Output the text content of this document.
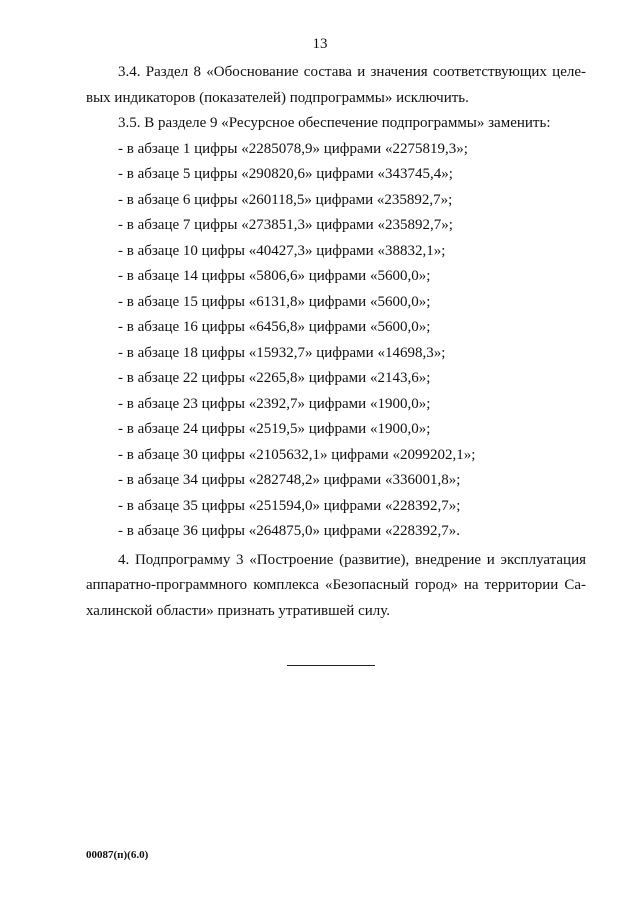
13

3.4. Раздел 8 «Обоснование состава и значения соответствующих целе-

вых индикаторов (показателей) подпрограммы» исключить.

3.5. В разделе 9 «Ресурсное обеспечение подпрограммы» заменить:

- в абзаце 1 цифры «2285078,9» цифрами «2275819,3»;

- в абзаце 5 цифры «290820,6» цифрами «343745,4»;

- в абзаце 6 цифры «260118,5» цифрами «235892,7»;

- в абзаце 7 цифры «273851,3» цифрами «235892,7»;

- в абзаце 10 цифры «40427,3» цифрами «38832,1»;

- в абзаце 14 цифры «5806,6» цифрами «5600,0»;

- в абзаце 15 цифры «6131,8» цифрами «5600,0»;

- в абзаце 16 цифры «6456,8» цифрами «5600,0»;

- в абзаце 18 цифры «15932,7» цифрами «14698,3»;

- в абзаце 22 цифры «2265,8» цифрами «2143,6»;

- в абзаце 23 цифры «2392,7» цифрами «1900,0»;

- в абзаце 24 цифры «2519,5» цифрами «1900,0»;

- в абзаце 30 цифры «2105632,1» цифрами «2099202,1»;

- в абзаце 34 цифры «282748,2» цифрами «336001,8»;

- в абзаце 35 цифры «251594,0» цифрами «228392,7»;

- в абзаце 36 цифры «264875,0» цифрами «228392,7».

4. Подпрограмму 3 «Построение (развитие), внедрение и эксплуатация

аппаратно-программного комплекса «Безопасный город» на территории Са-

халинской области» признать утратившей силу.

00087(п)(6.0)
